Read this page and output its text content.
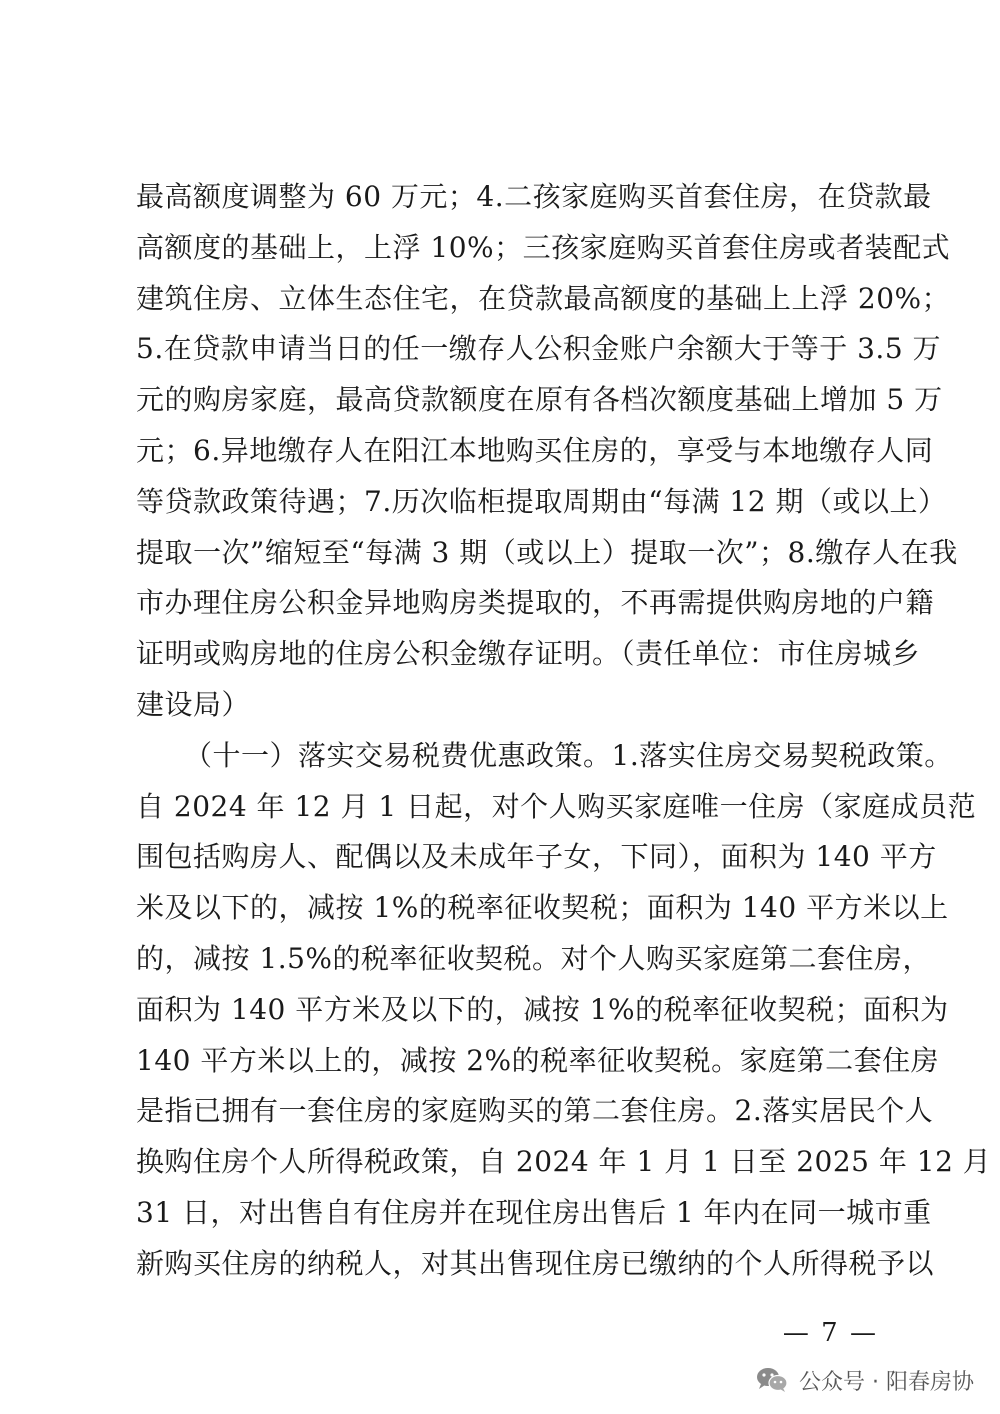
最高额度调整为 60 万元；4.二孩家庭购买首套住房，在贷款最
高额度的基础上，上浮 10%；三孩家庭购买首套住房或者装配式
建筑住房、立体生态住宅，在贷款最高额度的基础上上浮 20%；
5.在贷款申请当日的任一缴存人公积金账户余额大于等于 3.5 万
元的购房家庭，最高贷款额度在原有各档次额度基础上增加 5 万
元；6.异地缴存人在阳江本地购买住房的，享受与本地缴存人同
等贷款政策待遇；7.历次临柜提取周期由“每满 12 期（或以上）
提取一次”缩短至“每满 3 期（或以上）提取一次”；8.缴存人在我
市办理住房公积金异地购房类提取的，不再需提供购房地的户籍
证明或购房地的住房公积金缴存证明。（责任单位：市住房城乡
建设局）
（十一）落实交易税费优惠政策。1.落实住房交易契税政策。
自 2024 年 12 月 1 日起，对个人购买家庭唯一住房（家庭成员范
围包括购房人、配偶以及未成年子女，下同），面积为 140 平方
米及以下的，减按 1%的税率征收契税；面积为 140 平方米以上
的，减按 1.5%的税率征收契税。对个人购买家庭第二套住房，
面积为 140 平方米及以下的，减按 1%的税率征收契税；面积为
140 平方米以上的，减按 2%的税率征收契税。家庭第二套住房
是指已拥有一套住房的家庭购买的第二套住房。2.落实居民个人
换购住房个人所得税政策，自 2024 年 1 月 1 日至 2025 年 12 月
31 日，对出售自有住房并在现住房出售后 1 年内在同一城市重
新购买住房的纳税人，对其出售现住房已缴纳的个人所得税予以
— 7 —
公众号 · 阳春房协
